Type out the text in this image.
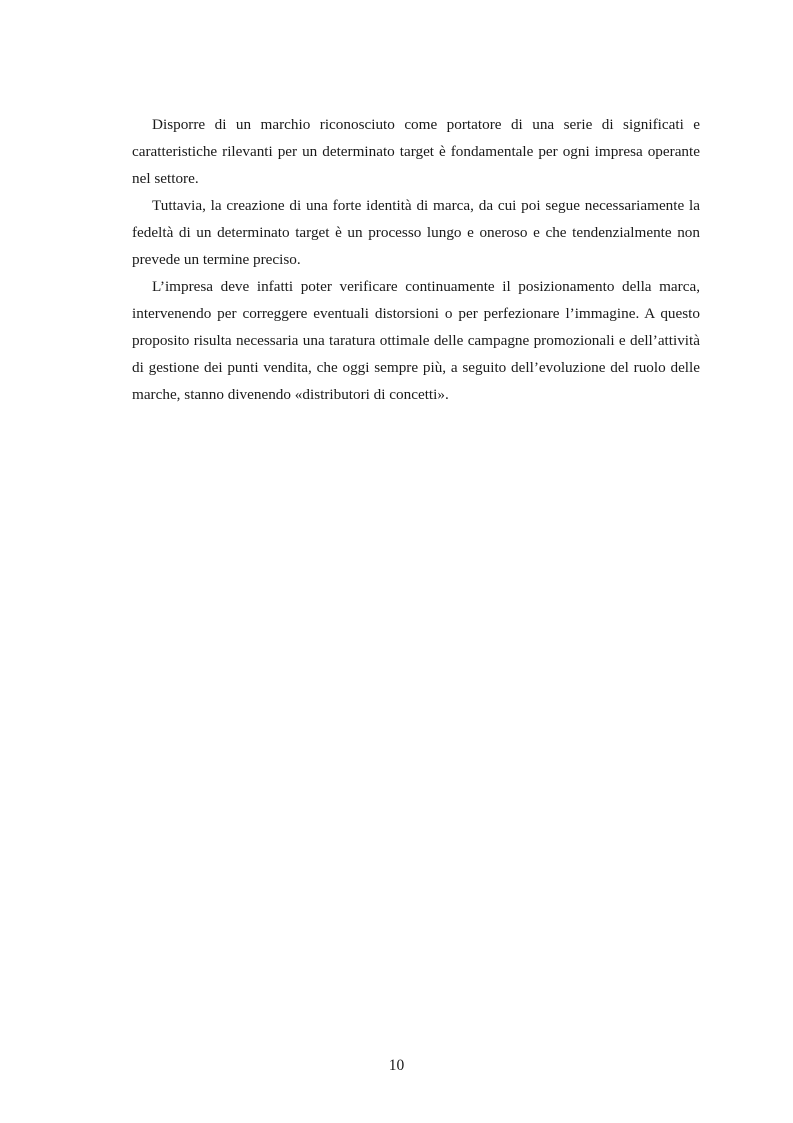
Disporre di un marchio riconosciuto come portatore di una serie di significati e caratteristiche rilevanti per un determinato target è fondamentale per ogni impresa operante nel settore.

Tuttavia, la creazione di una forte identità di marca, da cui poi segue necessariamente la fedeltà di un determinato target è un processo lungo e oneroso e che tendenzialmente non prevede un termine preciso.

L’impresa deve infatti poter verificare continuamente il posizionamento della marca, intervenendo per correggere eventuali distorsioni o per perfezionare l’immagine. A questo proposito risulta necessaria una taratura ottimale delle campagne promozionali e dell’attività di gestione dei punti vendita, che oggi sempre più, a seguito dell’evoluzione del ruolo delle marche, stanno divenendo «distributori di concetti».

10
